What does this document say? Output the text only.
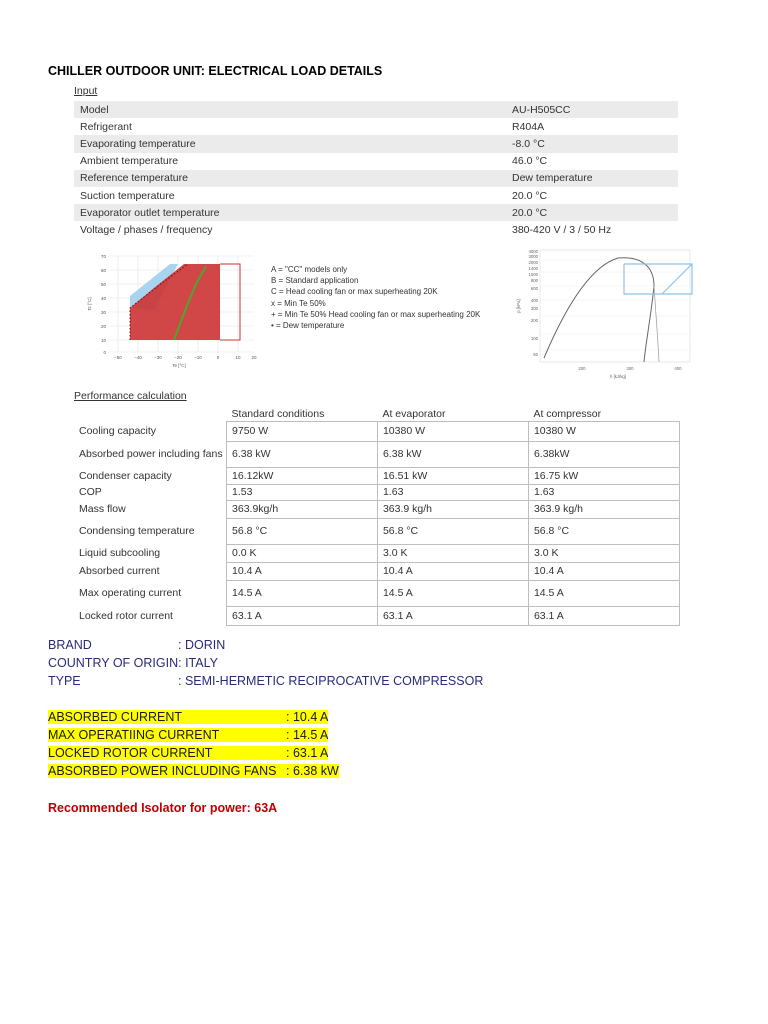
CHILLER OUTDOOR UNIT: ELECTRICAL LOAD DETAILS
Input
Model	AU-H505CC
Refrigerant	R404A
Evaporating temperature	-8.0 °C
Ambient temperature	46.0 °C
Reference temperature	Dew temperature
Suction temperature	20.0 °C
Evaporator outlet temperature	20.0 °C
Voltage / phases / frequency	380-420 V / 3 / 50 Hz
70
60
50
40
30
20
10
0
−50	−40	−30	−20	−10	0	10 20
Te [°C]
Tc [°C]
A = "CC" models only
B = Standard application
C = Head cooling fan or max superheating 20K
x = Min Te 50%
+ = Min Te 50% Head cooling fan or max superheating 20K
• = Dew temperature
4000
3000
2000
1400
1000
800
600
400
300
200
100
50
200	300	400
h [kJ/kg]
p [kPa]
Performance calculation
	Standard conditions	At evaporator	At compressor
Cooling capacity	9750 W	10380 W	10380 W
Absorbed power including fans	6.38 kW	6.38 kW	6.38kW
Condenser capacity	16.12kW	16.51 kW	16.75 kW
COP	1.53	1.63	1.63
Mass flow	363.9kg/h	363.9 kg/h	363.9 kg/h
Condensing temperature	56.8 °C	56.8 °C	56.8 °C
Liquid subcooling	0.0 K	3.0 K	3.0 K
Absorbed current	10.4 A	10.4 A	10.4 A
Max operating current	14.5 A	14.5 A	14.5 A
Locked rotor current	63.1 A	63.1 A	63.1 A
BRAND	: DORIN
COUNTRY OF ORIGIN: ITALY
TYPE	: SEMI-HERMETIC RECIPROCATIVE COMPRESSOR
ABSORBED CURRENT	: 10.4 A
MAX OPERATIING CURRENT	: 14.5 A
LOCKED ROTOR CURRENT	: 63.1 A
ABSORBED POWER INCLUDING FANS : 6.38 kW
Recommended Isolator for power: 63A
